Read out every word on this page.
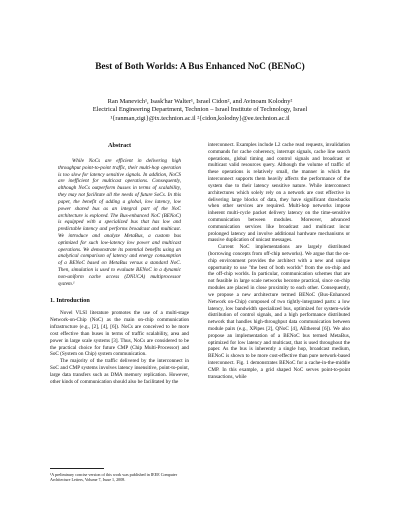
Best of Both Worlds: A Bus Enhanced NoC (BENoC)
Ran Manevich¹, Isask'har Walter¹, Israel Cidon², and Avinoam Kolodny²
Electrical Engineering Department, Technion – Israel Institute of Technology, Israel
¹{ranman,zigi}@tx.technion.ac.il ²{cidon,kolodny}@ee.technion.ac.il
Abstract

While NoCs are efficient in delivering high throughput point-to-point traffic, their multi-hop operation is too slow for latency sensitive signals. In addition, NoCS are inefficient for multicast operations. Consequently, although NoCs outperform busses in terms of scalability, they may not facilitate all the needs of future SoCs. In this paper, the benefit of adding a global, low latency, low power shared bus as an integral part of the NoC architecture is explored. The Bus-enhanced NoC (BENoC) is equipped with a specialized bus that has low and predictable latency and performs broadcast and multicast. We introduce and analyze MetaBus, a custom bus optimized for such low-latency low power and multicast operations. We demonstrate its potential benefits using an analytical comparison of latency and energy consumption of a BENoC based on MetaBus versus a standard NoC. Then, simulation is used to evaluate BENoC in a dynamic non-uniform cache access (DNUCA) multiprocessor system.¹

1. Introduction

Novel VLSI literature promotes the use of a multi-stage Network-on-Chip (NoC) as the main on-chip communication infrastructure (e.g., [2], [4], [6]). NoCs are conceived to be more cost effective than buses in terms of traffic scalability, area and power in large scale systems [3]. Thus, NoCs are considered to be the practical choice for future CMP (Chip Multi-Processor) and SoC (System on Chip) system communication.

The majority of the traffic delivered by the interconnect in SoC and CMP systems involves latency insensitive, point-to-point, large data transfers such as DMA memory replication. However, other kinds of communication should also be facilitated by the

interconnect. Examples include L2 cache read requests, invalidation commands for cache coherency, interrupt signals, cache line search operations, global timing and control signals and broadcast or multicast valid resources query. Although the volume of traffic of these operations is relatively small, the manner in which the interconnect supports them heavily affects the performance of the system due to their latency sensitive nature. While interconnect architectures which solely rely on a network are cost effective in delivering large blocks of data, they have significant drawbacks when other services are required. Multi-hop networks impose inherent multi-cycle packet delivery latency on the time-sensitive communication between modules. Moreover, advanced communication services like broadcast and multicast incur prolonged latency and involve additional hardware mechanisms or massive duplication of unicast messages.

Current NoC implementations are largely distributed (borrowing concepts from off-chip networks). We argue that the on-chip environment provides the architect with a new and unique opportunity to use "the best of both worlds" from the on-chip and the off-chip worlds. In particular, communication schemes that are not feasible in large scale networks become practical, since on-chip modules are placed in close proximity to each other. Consequently, we propose a new architecture termed BENoC (Bus-Enhanced Network on-Chip) composed of two tightly-integrated parts: a low latency, low bandwidth specialized bus, optimized for system-wide distribution of control signals, and a high performance distributed network that handles high-throughput data communication between module pairs (e.g., XPipes [2], QNoC [4], AEthereal [6]). We also propose an implementation of a BENoC bus termed MetaBus, optimized for low latency and multicast, that is used throughout the paper. As the bus is inherently a single hop, broadcast medium, BENoC is shown to be more cost-effective than pure network-based interconnect. Fig. 1 demonstrates BENoC for a cache-in-the-middle CMP. In this example, a grid shaped NoC serves point-to-point transactions, while

¹A preliminary concise version of this work was published in IEEE Computer Architecture Letters, Volume 7, Issue 1, 2008.
